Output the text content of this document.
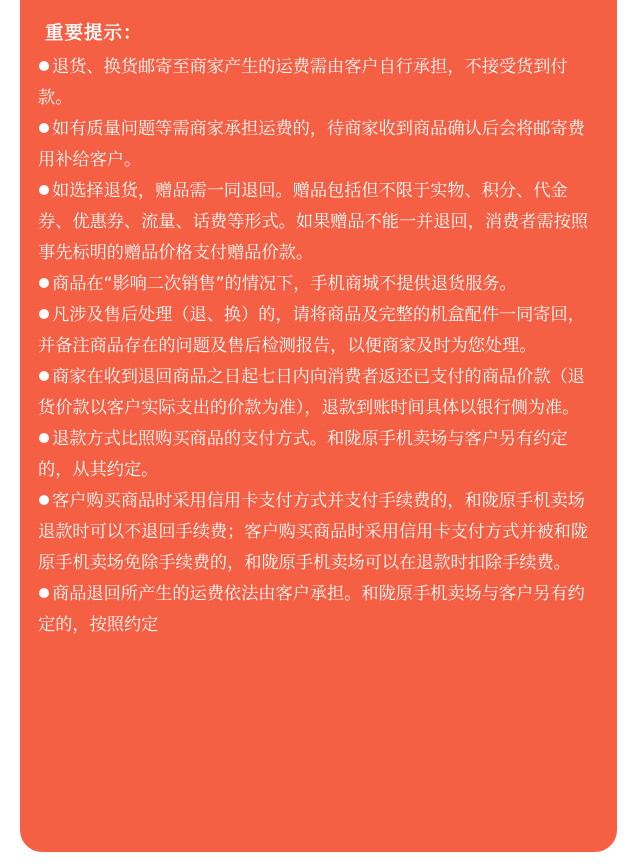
重要提示：
退货、换货邮寄至商家产生的运费需由客户自行承担，不接受货到付款。
如有质量问题等需商家承担运费的，待商家收到商品确认后会将邮寄费用补给客户。
如选择退货，赠品需一同退回。赠品包括但不限于实物、积分、代金券、优惠券、流量、话费等形式。如果赠品不能一并退回，消费者需按照事先标明的赠品价格支付赠品价款。
商品在“影响二次销售”的情况下，手机商城不提供退货服务。
凡涉及售后处理（退、换）的，请将商品及完整的机盒配件一同寄回，并备注商品存在的问题及售后检测报告，以便商家及时为您处理。
商家在收到退回商品之日起七日内向消费者返还已支付的商品价款（退货价款以客户实际支出的价款为准），退款到账时间具体以银行侧为准。
退款方式比照购买商品的支付方式。和陇原手机卖场与客户另有约定的，从其约定。
客户购买商品时采用信用卡支付方式并支付手续费的，和陇原手机卖场退款时可以不退回手续费；客户购买商品时采用信用卡支付方式并被和陇原手机卖场免除手续费的，和陇原手机卖场可以在退款时扣除手续费。
商品退回所产生的运费依法由客户承担。和陇原手机卖场与客户另有约定的，按照约定
